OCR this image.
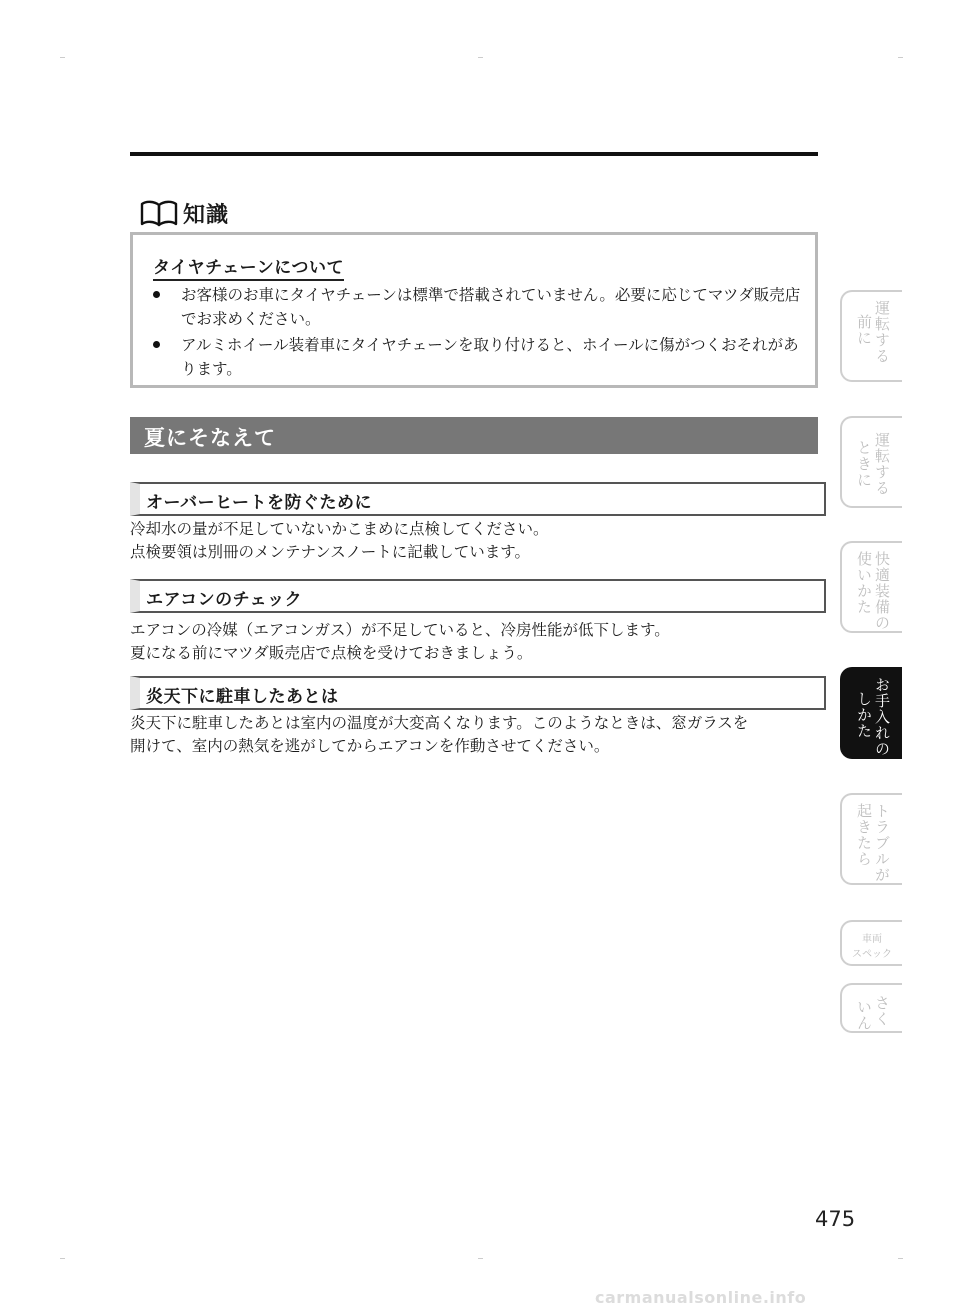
知識
タイヤチェーンについて
お客様のお車にタイヤチェーンは標準で搭載されていません。必要に応じてマツダ販売店でお求めください。
アルミホイール装着車にタイヤチェーンを取り付けると、ホイールに傷がつくおそれがあります。
夏にそなえて
オーバーヒートを防ぐために
冷却水の量が不足していないかこまめに点検してください。
点検要領は別冊のメンテナンスノートに記載しています。
エアコンのチェック
エアコンの冷媒（エアコンガス）が不足していると、冷房性能が低下します。
夏になる前にマツダ販売店で点検を受けておきましょう。
炎天下に駐車したあとは
炎天下に駐車したあとは室内の温度が大変高くなります。このようなときは、窓ガラスを
開けて、室内の熱気を逃がしてからエアコンを作動させてください。
運転する
前に
運転する
ときに
快適装備の
使いかた
お手入れの
しかた
トラブルが
起きたら
車両
スペック
さく
いん
475
carmanualsonline.info
